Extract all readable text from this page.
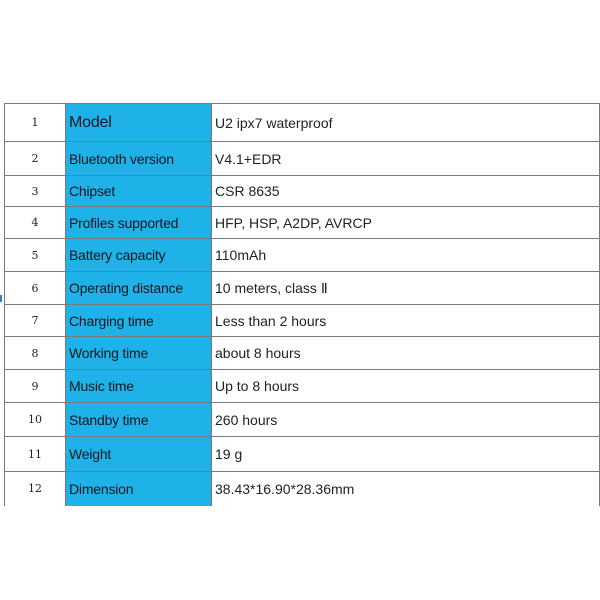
1	Model	U2 ipx7 waterproof
2	Bluetooth version	V4.1+EDR
3	Chipset	CSR 8635
4	Profiles supported	HFP, HSP, A2DP, AVRCP
5	Battery capacity	110mAh
6	Operating distance	10 meters, class Ⅱ
7	Charging time	Less than 2 hours
8	Working time	about 8 hours
9	Music time	Up to 8 hours
10	Standby time	260 hours
11	Weight	19 g
12	Dimension	38.43*16.90*28.36mm
